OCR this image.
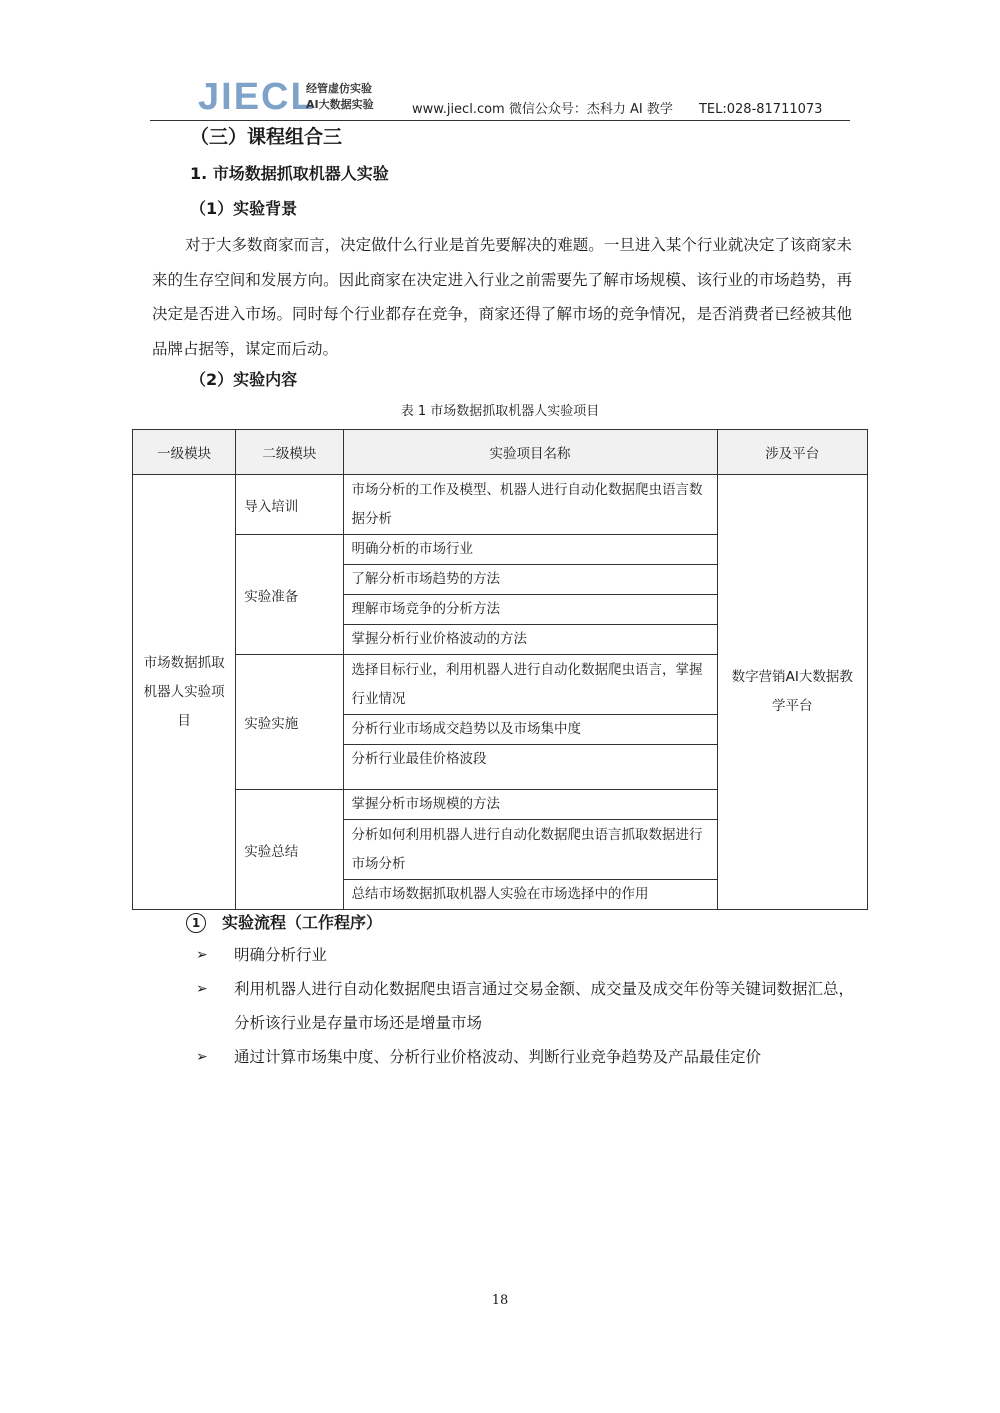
JIECL
经管虚仿实验
AI大数据实验	www.jiecl.com 微信公众号：杰科力 AI 教学 TEL:028-81711073
（三）课程组合三
1. 市场数据抓取机器人实验
（1）实验背景
对于大多数商家而言，决定做什么行业是首先要解决的难题。一旦进入某个行业就决定了该商家未来的生存空间和发展方向。因此商家在决定进入行业之前需要先了解市场规模、该行业的市场趋势，再决定是否进入市场。同时每个行业都存在竞争，商家还得了解市场的竞争情况，是否消费者已经被其他品牌占据等，谋定而后动。
（2）实验内容
表 1 市场数据抓取机器人实验项目
一级模块	二级模块	实验项目名称	涉及平台
市场数据抓取机器人实验项目	导入培训	市场分析的工作及模型、机器人进行自动化数据爬虫语言数据分析	数字营销AI大数据教学平台
	实验准备	明确分析的市场行业	
		了解分析市场趋势的方法	
		理解市场竞争的分析方法	
		掌握分析行业价格波动的方法	
	实验实施	选择目标行业，利用机器人进行自动化数据爬虫语言，掌握行业情况	
		分析行业市场成交趋势以及市场集中度	
		分析行业最佳价格波段	
	实验总结	掌握分析市场规模的方法	
		分析如何利用机器人进行自动化数据爬虫语言抓取数据进行市场分析	
		总结市场数据抓取机器人实验在市场选择中的作用	
1 实验流程（工作程序）
➢	明确分析行业
➢	利用机器人进行自动化数据爬虫语言通过交易金额、成交量及成交年份等关键词数据汇总，分析该行业是存量市场还是增量市场
➢	通过计算市场集中度、分析行业价格波动、判断行业竞争趋势及产品最佳定价
18
